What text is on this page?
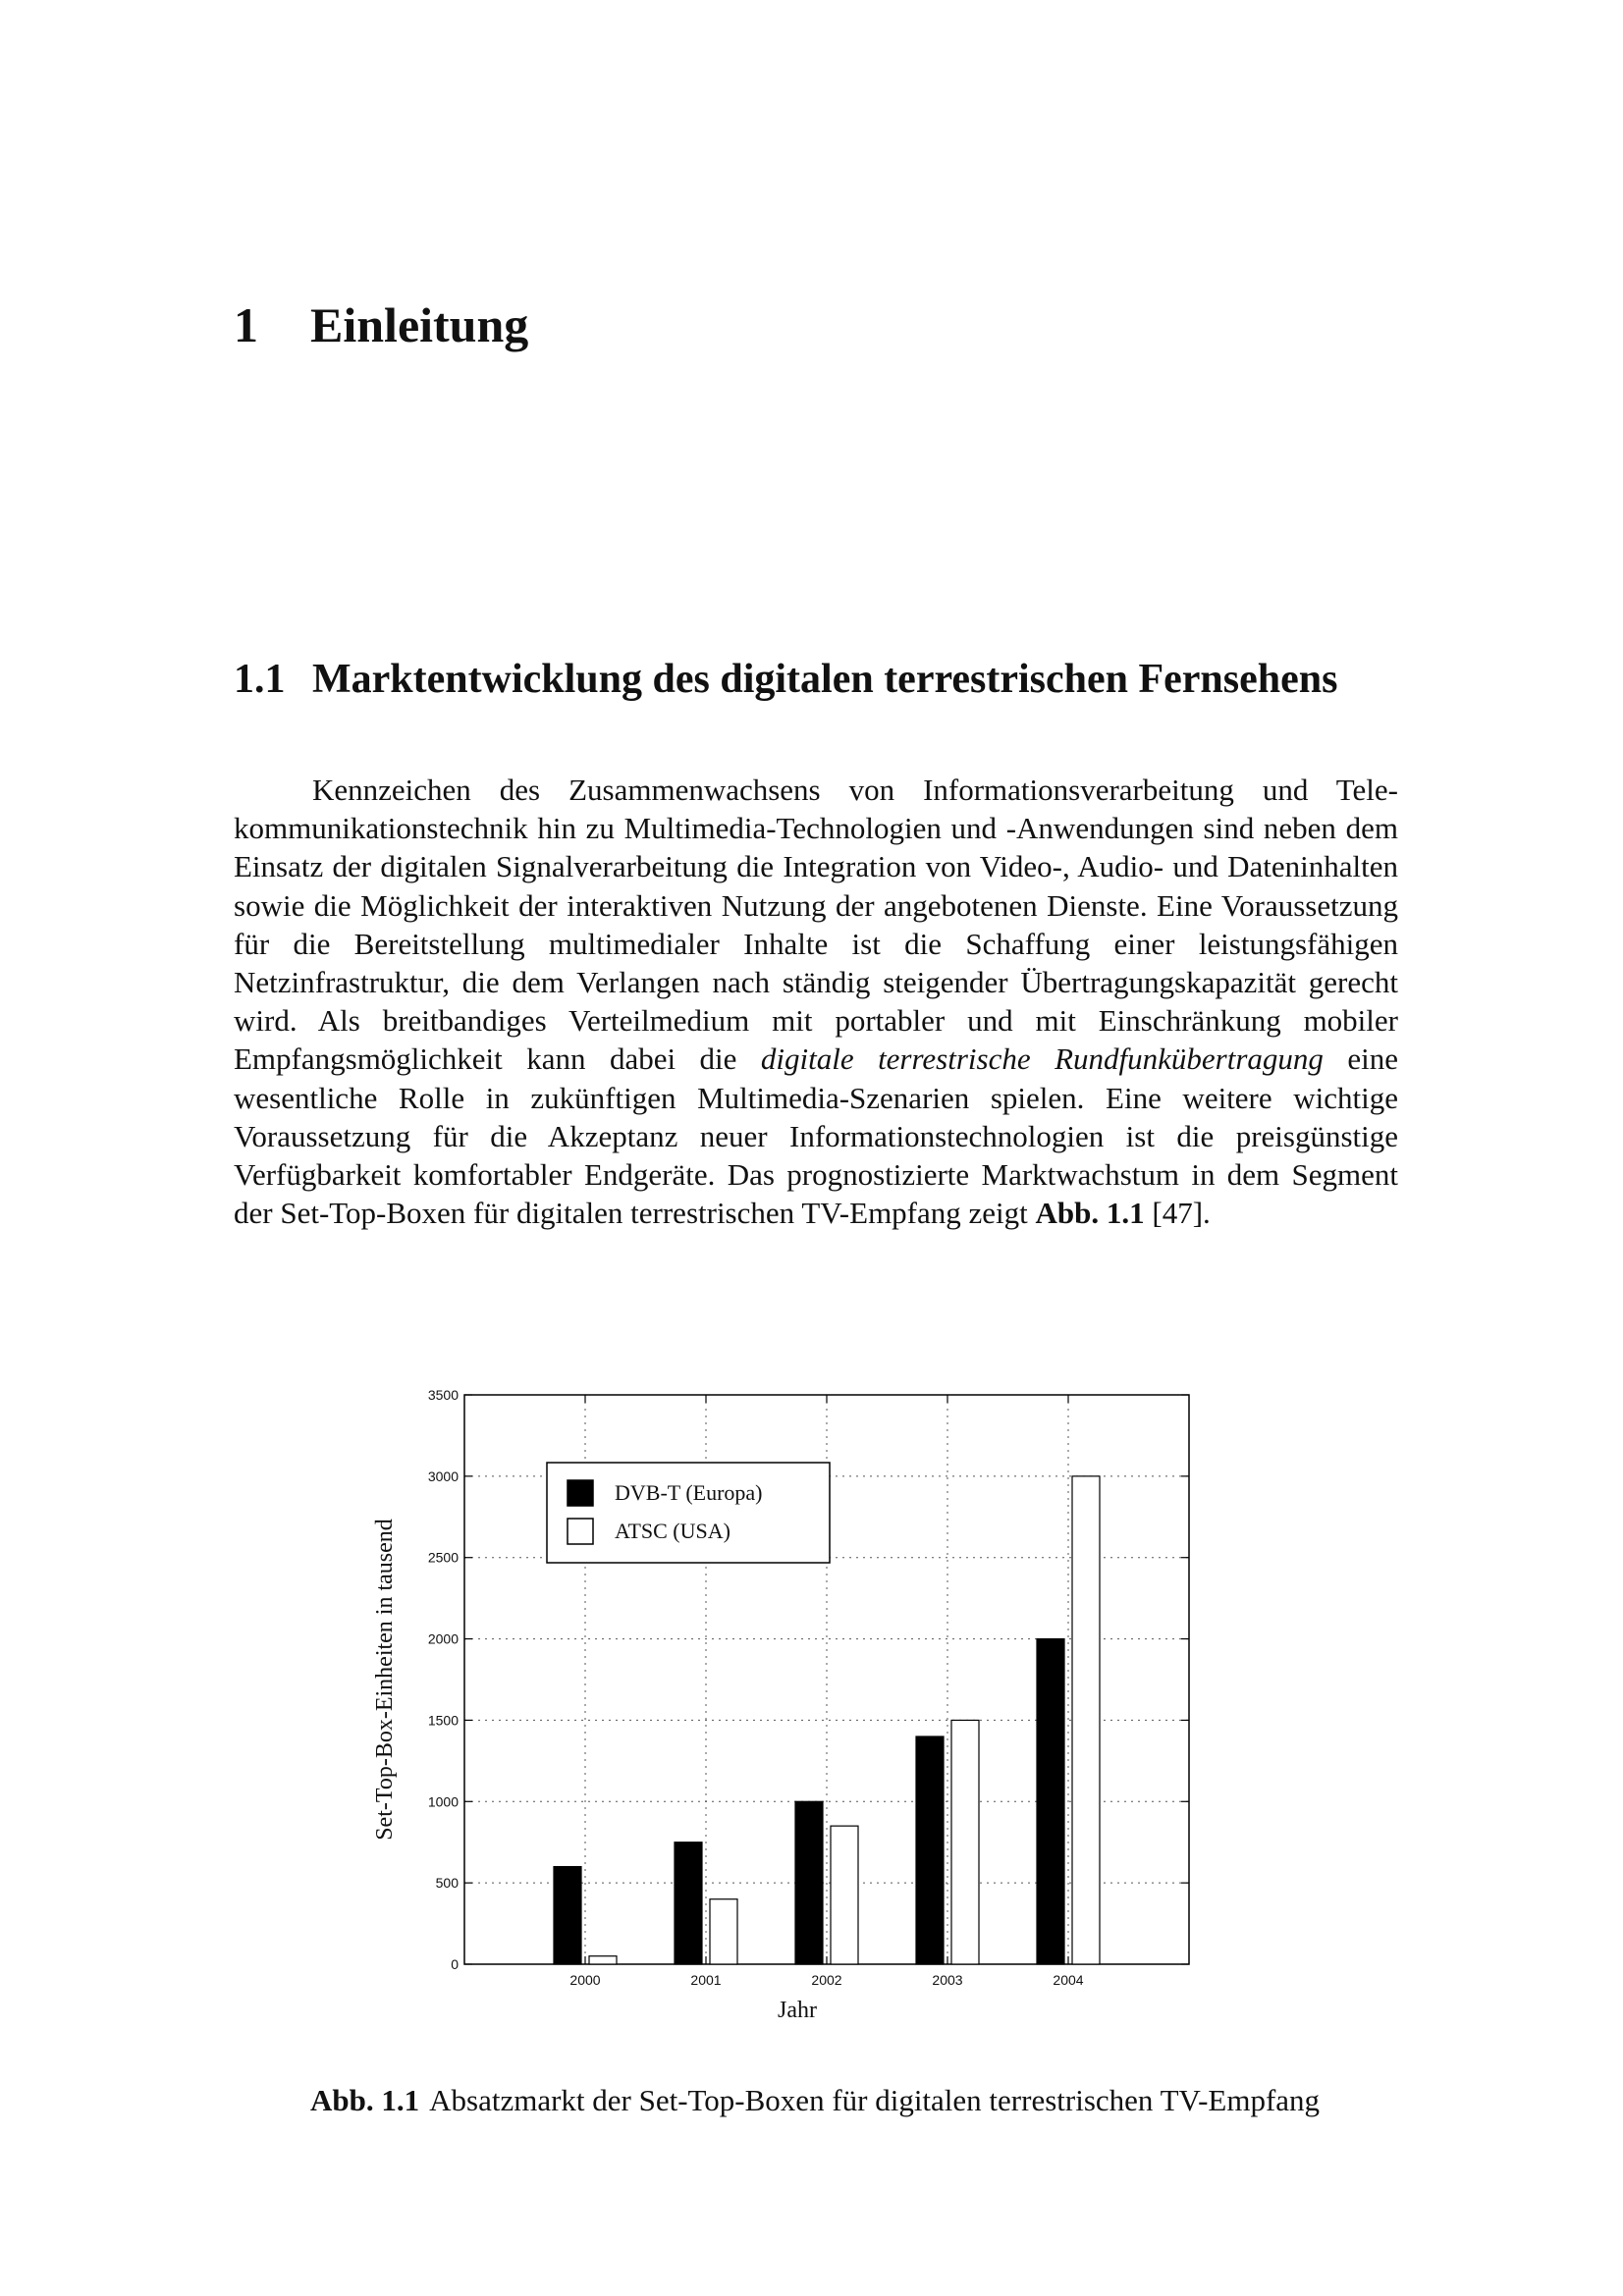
1 Einleitung
1.1 Marktentwicklung des digitalen terrestrischen Fernsehens

Kennzeichen des Zusammenwachsens von Informationsverarbeitung und Telekommunikationstechnik hin zu Multimedia-Technologien und -Anwendungen sind neben dem Einsatz der digitalen Signalverarbeitung die Integration von Video-, Audio- und Dateninhalten sowie die Möglichkeit der interaktiven Nutzung der angebotenen Dienste. Eine Voraussetzung für die Bereitstellung multimedialer Inhalte ist die Schaffung einer leistungsfähigen Netzinfrastruktur, die dem Verlangen nach ständig steigender Übertragungskapazität gerecht wird. Als breitbandiges Verteilmedium mit portabler und mit Einschränkung mobiler Empfangsmöglichkeit kann dabei die digitale terrestrische Rundfunkübertragung eine wesentliche Rolle in zukünftigen Multimedia-Szenarien spielen. Eine weitere wichtige Voraussetzung für die Akzeptanz neuer Informationstechnologien ist die preisgünstige Verfügbarkeit komfortabler Endgeräte. Das prognostizierte Marktwachstum in dem Segment der Set-Top-Boxen für digitalen terrestrischen TV-Empfang zeigt Abb. 1.1 [47].

0
500
1000
1500
2000
2500
3000
3500
2000	2001	2002	2003	2004
Jahr
Set-Top-Box-Einheiten in tausend
DVB-T (Europa)
ATSC (USA)

Abb. 1.1 Absatzmarkt der Set-Top-Boxen für digitalen terrestrischen TV-Empfang
